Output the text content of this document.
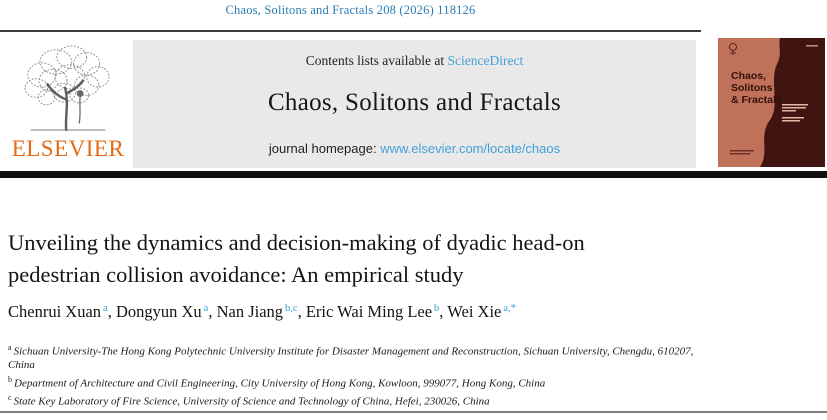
Chaos, Solitons and Fractals 208 (2026) 118126
ELSEVIER
Contents lists available at ScienceDirect
Chaos, Solitons and Fractals
journal homepage: www.elsevier.com/locate/chaos
Chaos,
Solitons
& Fractals
Unveiling the dynamics and decision-making of dyadic head-on
pedestrian collision avoidance: An empirical study
Chenrui Xuan $^a$, Dongyun Xu $^a$, Nan Jiang $^{b,c}$, Eric Wai Ming Lee $^b$, Wei Xie $^{a,*}$
$^a$ Sichuan University-The Hong Kong Polytechnic University Institute for Disaster Management and Reconstruction, Sichuan University, Chengdu, 610207, China
$^b$ Department of Architecture and Civil Engineering, City University of Hong Kong, Kowloon, 999077, Hong Kong, China
$^c$ State Key Laboratory of Fire Science, University of Science and Technology of China, Hefei, 230026, China
